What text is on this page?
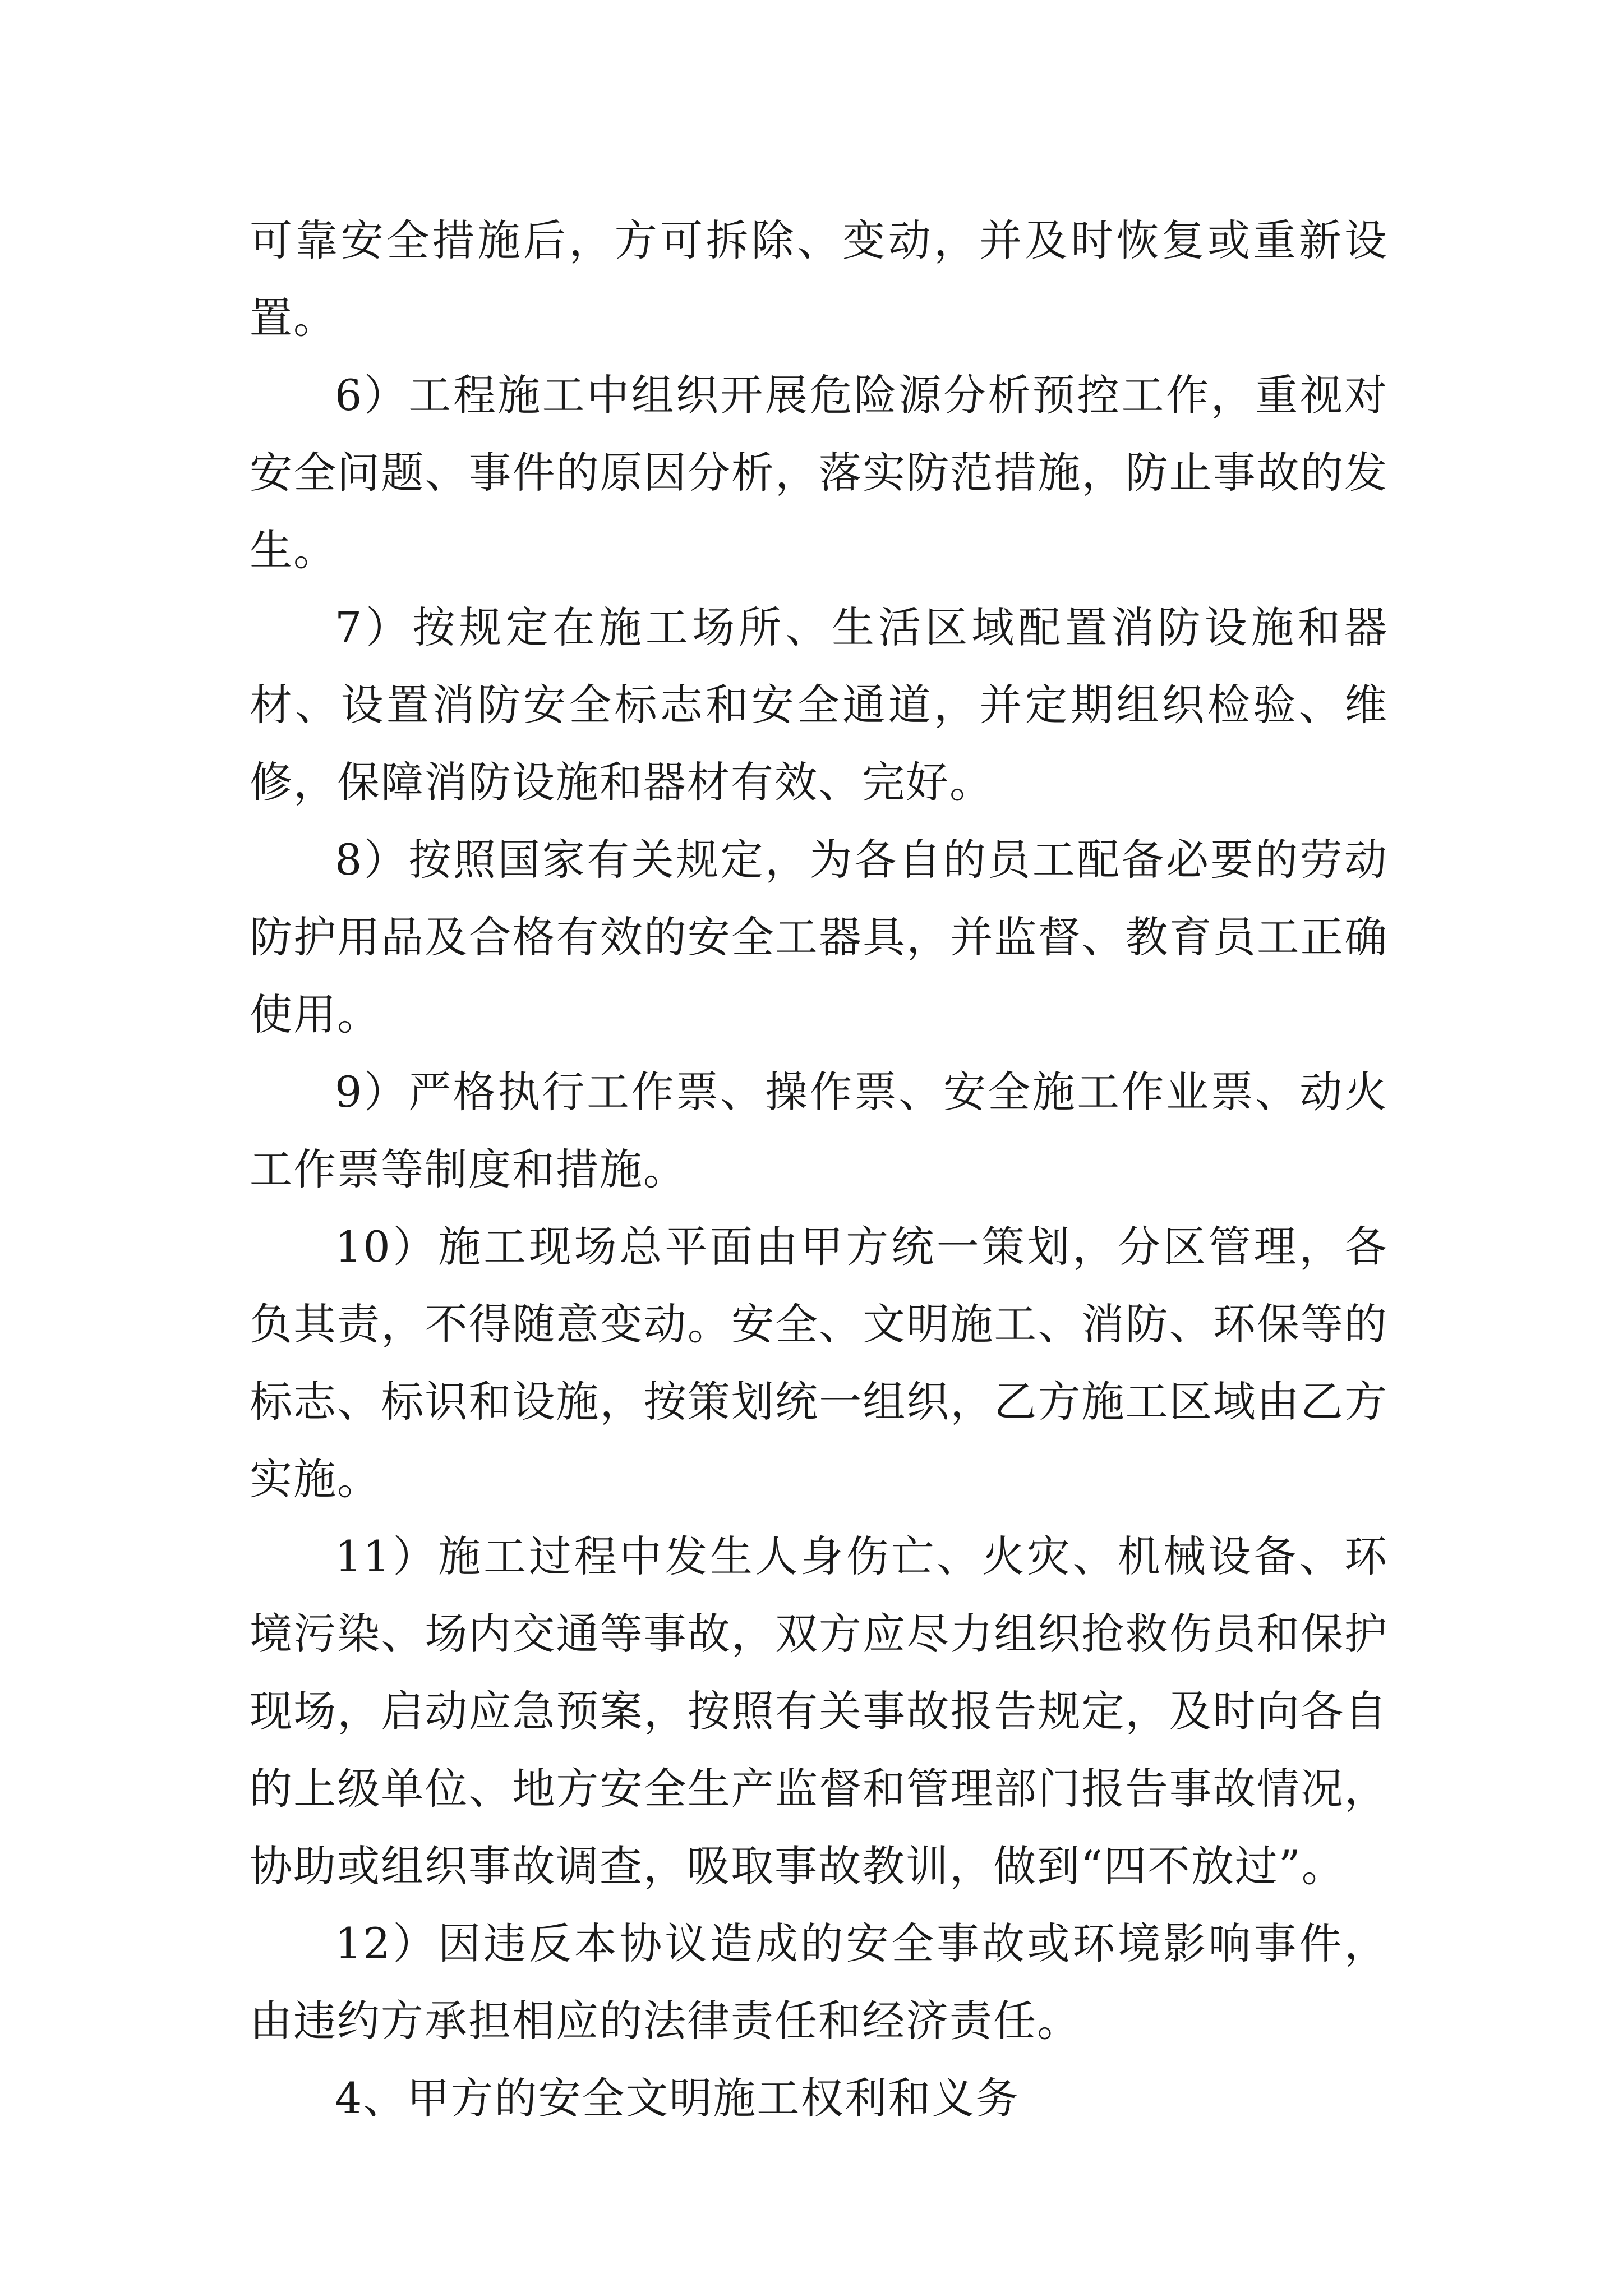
可靠安全措施后，方可拆除、变动，并及时恢复或重新设置。

6）工程施工中组织开展危险源分析预控工作，重视对安全问题、事件的原因分析，落实防范措施，防止事故的发生。

7）按规定在施工场所、生活区域配置消防设施和器材、设置消防安全标志和安全通道，并定期组织检验、维修，保障消防设施和器材有效、完好。

8）按照国家有关规定，为各自的员工配备必要的劳动防护用品及合格有效的安全工器具，并监督、教育员工正确使用。

9）严格执行工作票、操作票、安全施工作业票、动火工作票等制度和措施。

10）施工现场总平面由甲方统一策划，分区管理，各负其责，不得随意变动。安全、文明施工、消防、环保等的标志、标识和设施，按策划统一组织，乙方施工区域由乙方实施。

11）施工过程中发生人身伤亡、火灾、机械设备、环境污染、场内交通等事故，双方应尽力组织抢救伤员和保护现场，启动应急预案，按照有关事故报告规定，及时向各自的上级单位、地方安全生产监督和管理部门报告事故情况，协助或组织事故调查，吸取事故教训，做到“四不放过”。

12）因违反本协议造成的安全事故或环境影响事件，由违约方承担相应的法律责任和经济责任。

4、甲方的安全文明施工权利和义务
